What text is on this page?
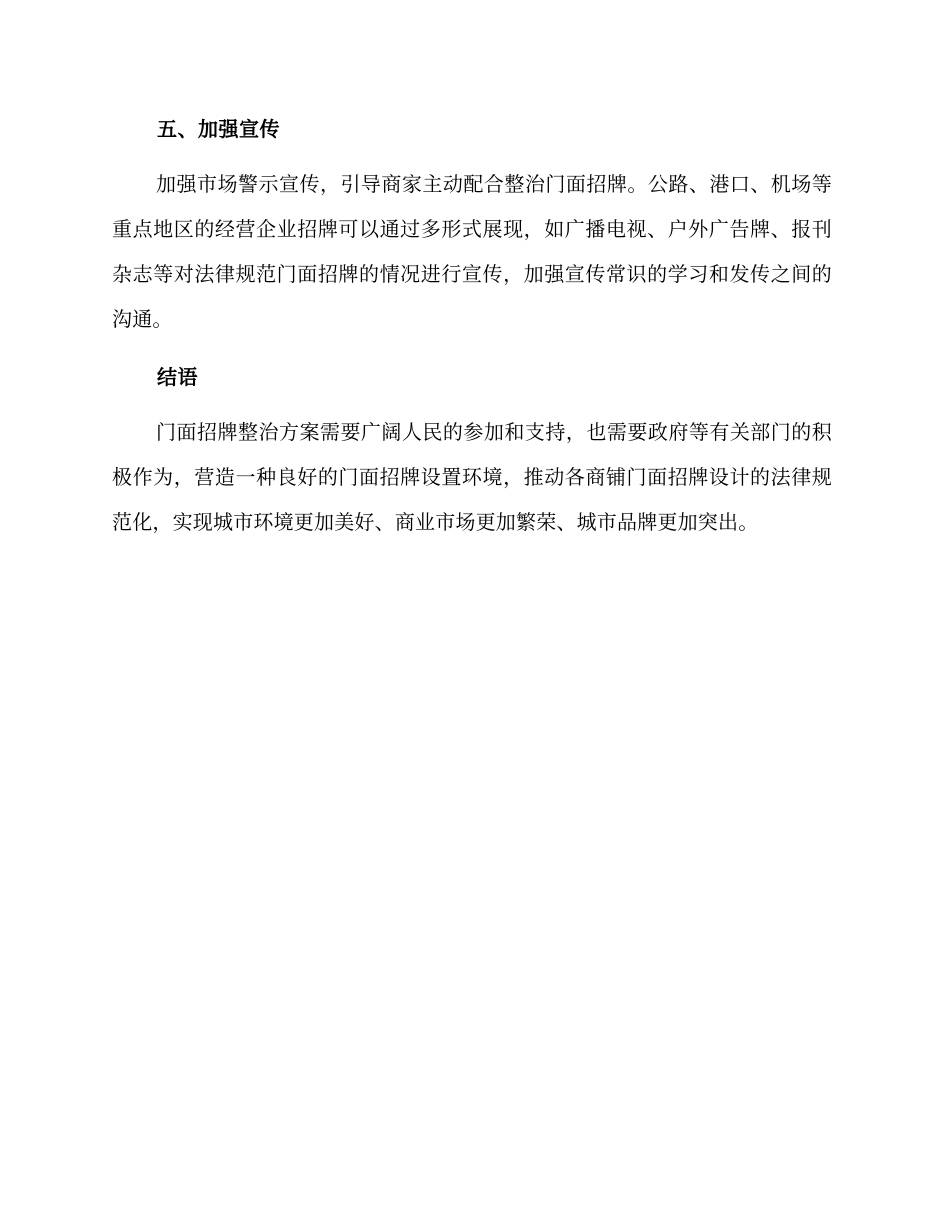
五、加强宣传

加强市场警示宣传，引导商家主动配合整治门面招牌。公路、港口、机场等重点地区的经营企业招牌可以通过多形式展现，如广播电视、户外广告牌、报刊杂志等对法律规范门面招牌的情况进行宣传，加强宣传常识的学习和发传之间的沟通。

结语

门面招牌整治方案需要广阔人民的参加和支持，也需要政府等有关部门的积极作为，营造一种良好的门面招牌设置环境，推动各商铺门面招牌设计的法律规范化，实现城市环境更加美好、商业市场更加繁荣、城市品牌更加突出。
